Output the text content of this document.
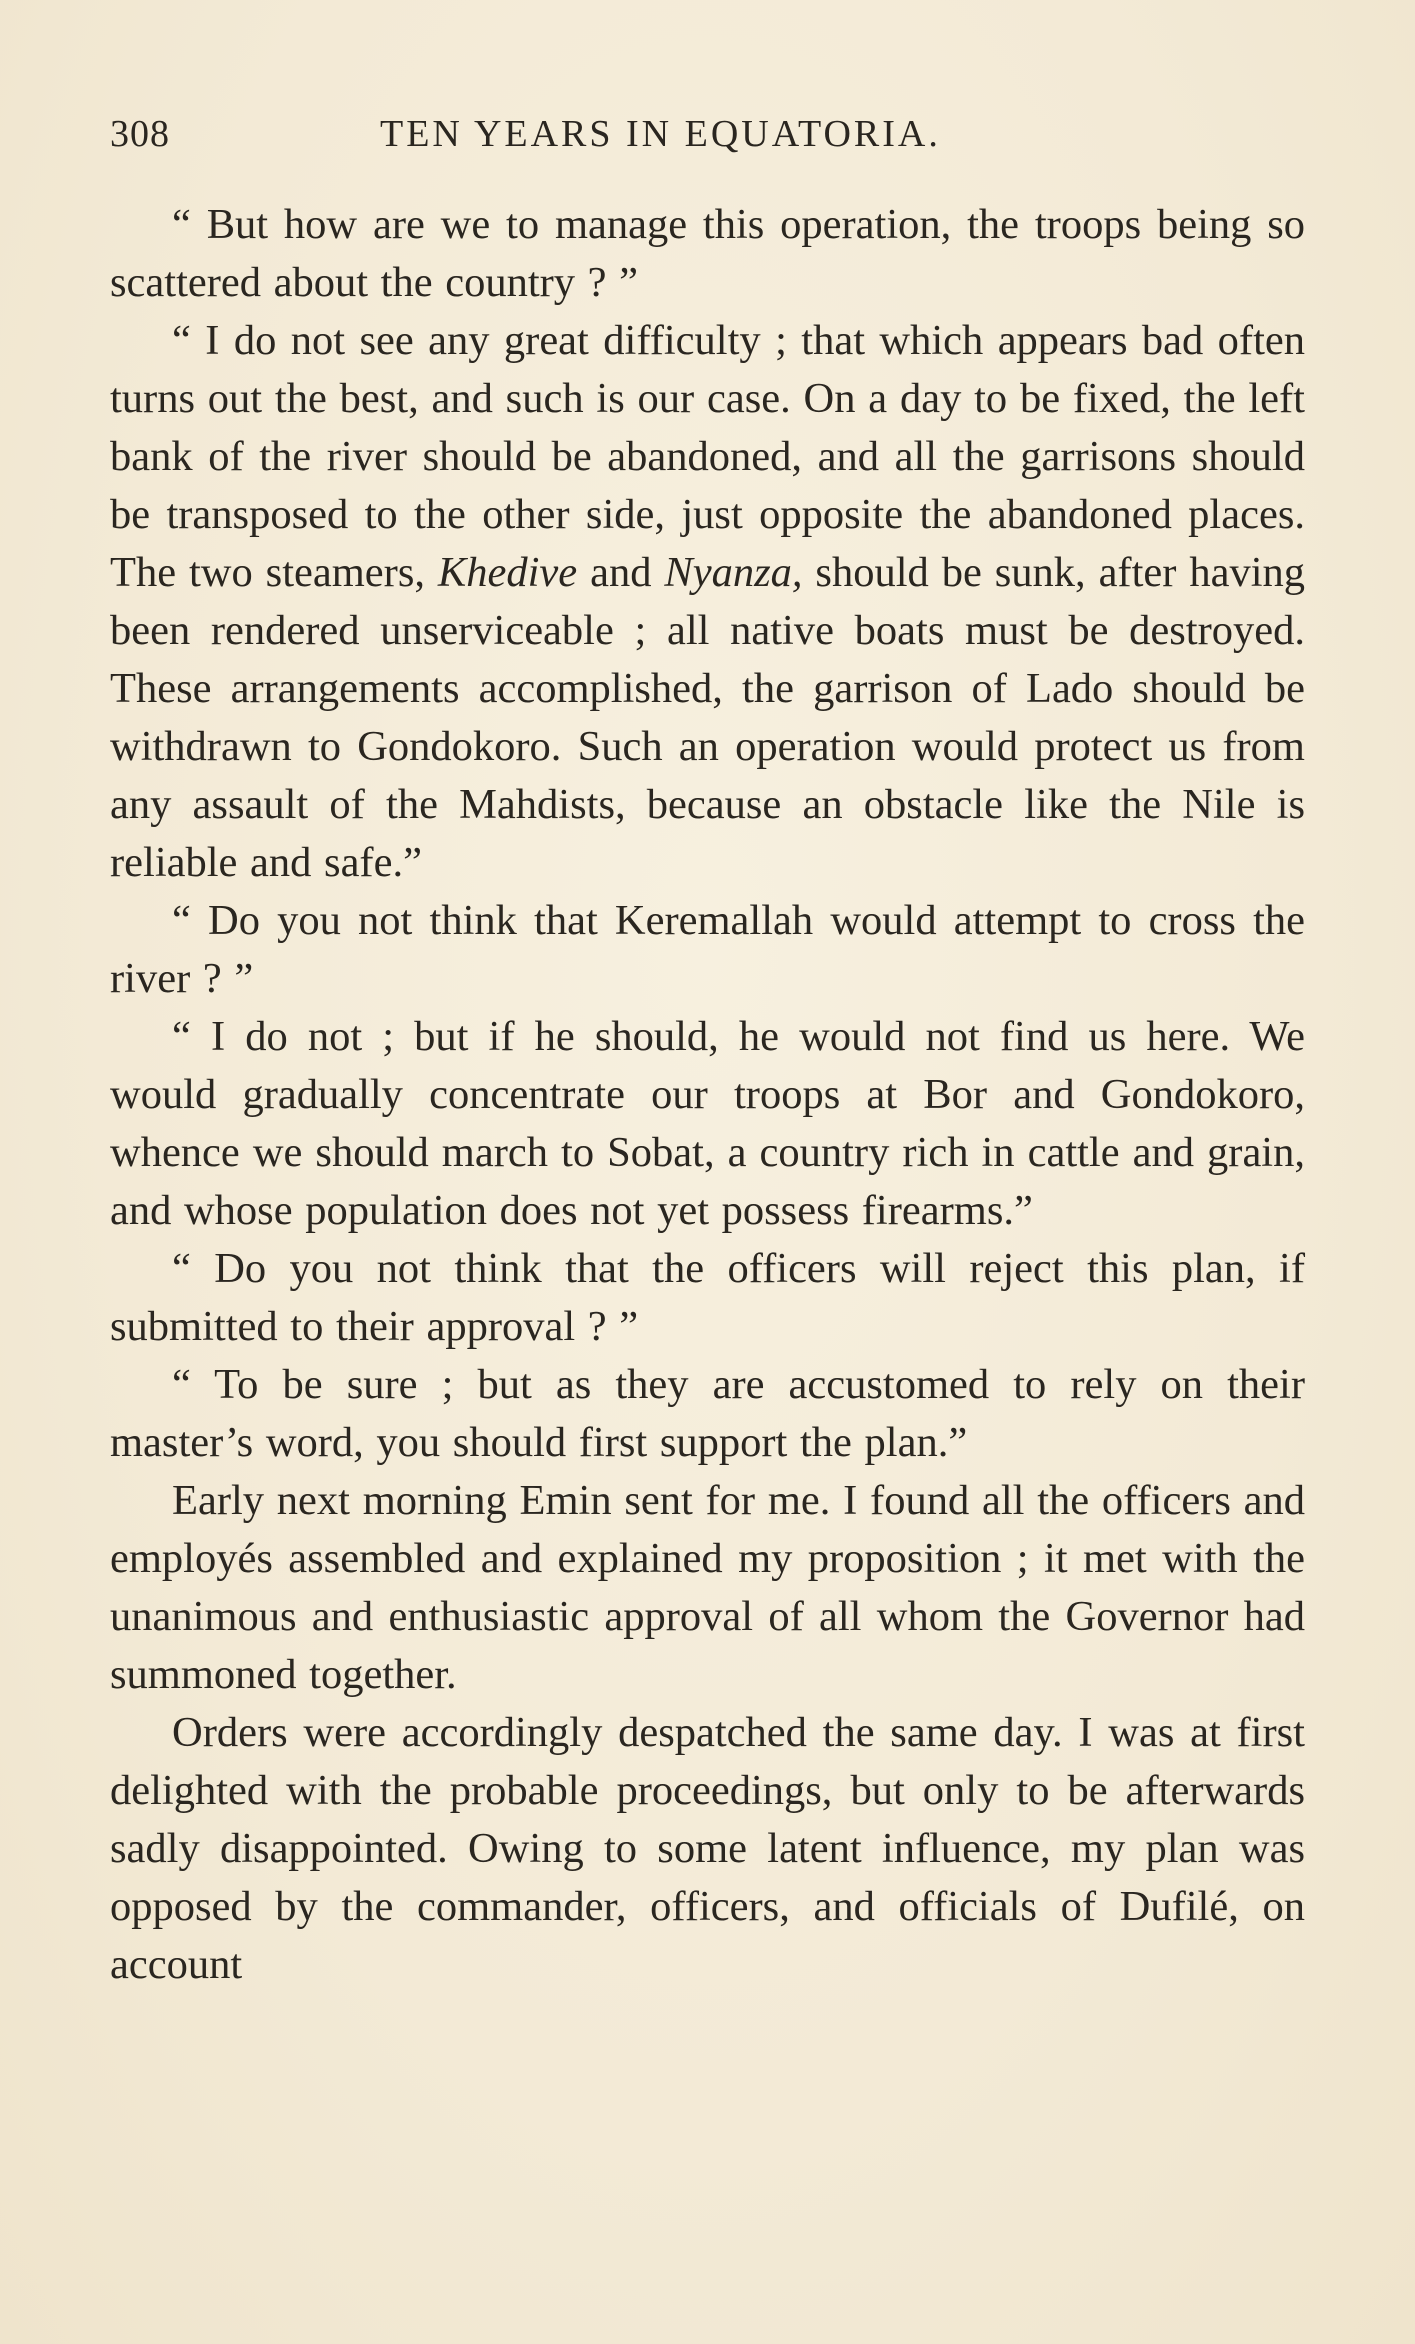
308	TEN YEARS IN EQUATORIA.

“ But how are we to manage this operation, the troops being so scattered about the country ? ”

“ I do not see any great difficulty ; that which appears bad often turns out the best, and such is our case. On a day to be fixed, the left bank of the river should be abandoned, and all the garrisons should be transposed to the other side, just opposite the abandoned places. The two steamers, Khedive and Nyanza, should be sunk, after having been rendered unserviceable ; all native boats must be destroyed. These arrangements accomplished, the garrison of Lado should be withdrawn to Gondokoro. Such an operation would protect us from any assault of the Mahdists, because an obstacle like the Nile is reliable and safe.”

“ Do you not think that Keremallah would attempt to cross the river ? ”

“ I do not ; but if he should, he would not find us here. We would gradually concentrate our troops at Bor and Gondokoro, whence we should march to Sobat, a country rich in cattle and grain, and whose population does not yet possess firearms.”

“ Do you not think that the officers will reject this plan, if submitted to their approval ? ”

“ To be sure ; but as they are accustomed to rely on their master’s word, you should first support the plan.”

Early next morning Emin sent for me. I found all the officers and employés assembled and explained my proposition ; it met with the unanimous and enthusiastic approval of all whom the Governor had summoned together.

Orders were accordingly despatched the same day. I was at first delighted with the probable proceedings, but only to be afterwards sadly disappointed. Owing to some latent influence, my plan was opposed by the commander, officers, and officials of Dufilé, on account
